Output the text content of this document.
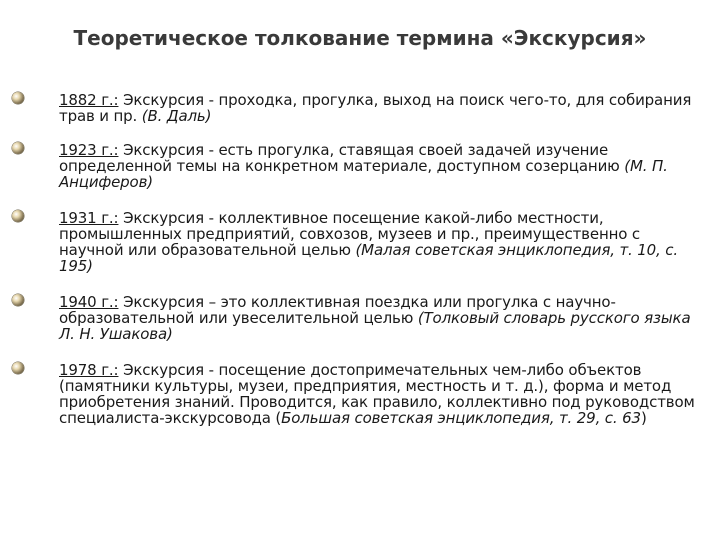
Теоретическое толкование термина «Экскурсия»
1882 г.: Экскурсия - проходка, прогулка, выход на поиск чего-то, для собирания трав и пр. (В. Даль)
1923 г.: Экскурсия - есть прогулка, ставящая своей задачей изучение определенной темы на конкретном материале, доступном созерцанию (М. П. Анциферов)
1931 г.: Экскурсия - коллективное посещение какой-либо местности, промышленных предприятий, совхозов, музеев и пр., преимущественно с научной или образовательной целью (Малая советская энциклопедия, т. 10, с. 195)
1940 г.: Экскурсия – это коллективная поездка или прогулка с научно-образовательной или увеселительной целью (Толковый словарь русского языка Л. Н. Ушакова)
1978 г.: Экскурсия - посещение достопримечательных чем-либо объектов (памятники культуры, музеи, предприятия, местность и т. д.), форма и метод приобретения знаний. Проводится, как правило, коллективно под руководством специалиста-экскурсовода (Большая советская энциклопедия, т. 29, с. 63)
